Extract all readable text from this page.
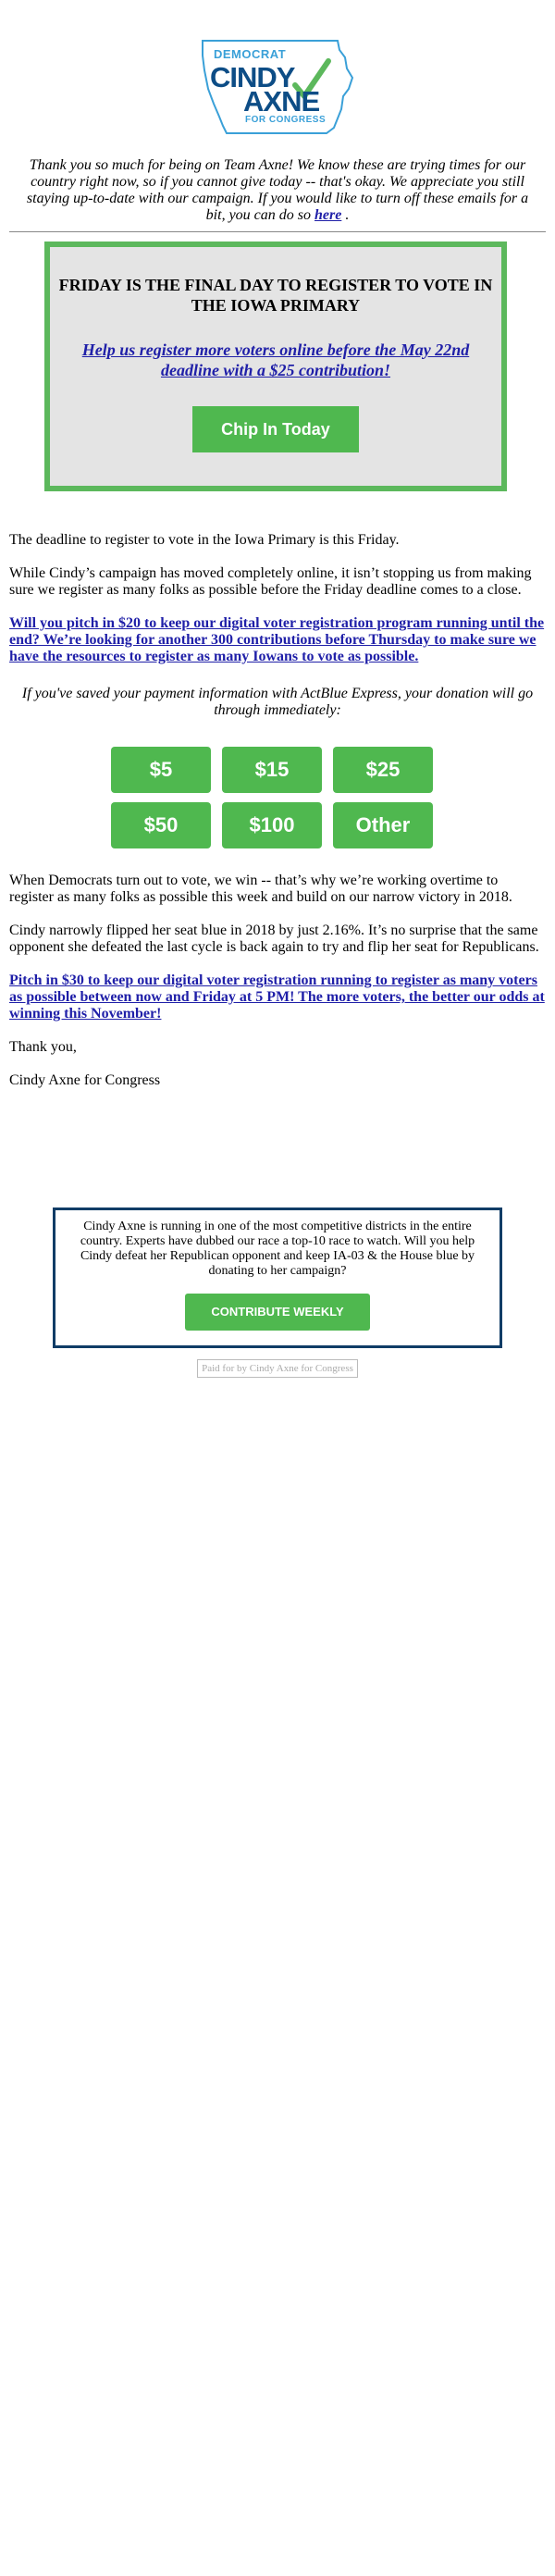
DEMOCRAT
CINDY
AXNE
FOR CONGRESS

Thank you so much for being on Team Axne! We know these are trying times for our country right now, so if you cannot give today -- that's okay. We appreciate you still staying up-to-date with our campaign. If you would like to turn off these emails for a bit, you can do so here .

FRIDAY IS THE FINAL DAY TO REGISTER TO VOTE IN THE IOWA PRIMARY
Help us register more voters online before the May 22nd deadline with a $25 contribution!
Chip In Today

The deadline to register to vote in the Iowa Primary is this Friday.

While Cindy’s campaign has moved completely online, it isn’t stopping us from making sure we register as many folks as possible before the Friday deadline comes to a close.

Will you pitch in $20 to keep our digital voter registration program running until the end? We’re looking for another 300 contributions before Thursday to make sure we have the resources to register as many Iowans to vote as possible.

If you've saved your payment information with ActBlue Express, your donation will go through immediately:

$5	$15	$25
$50	$100	Other

When Democrats turn out to vote, we win -- that’s why we’re working overtime to register as many folks as possible this week and build on our narrow victory in 2018.

Cindy narrowly flipped her seat blue in 2018 by just 2.16%. It’s no surprise that the same opponent she defeated the last cycle is back again to try and flip her seat for Republicans.

Pitch in $30 to keep our digital voter registration running to register as many voters as possible between now and Friday at 5 PM! The more voters, the better our odds at winning this November!

Thank you,

Cindy Axne for Congress

Cindy Axne is running in one of the most competitive districts in the entire country. Experts have dubbed our race a top-10 race to watch. Will you help Cindy defeat her Republican opponent and keep IA-03 & the House blue by donating to her campaign?

CONTRIBUTE WEEKLY
Paid for by Cindy Axne for Congress
